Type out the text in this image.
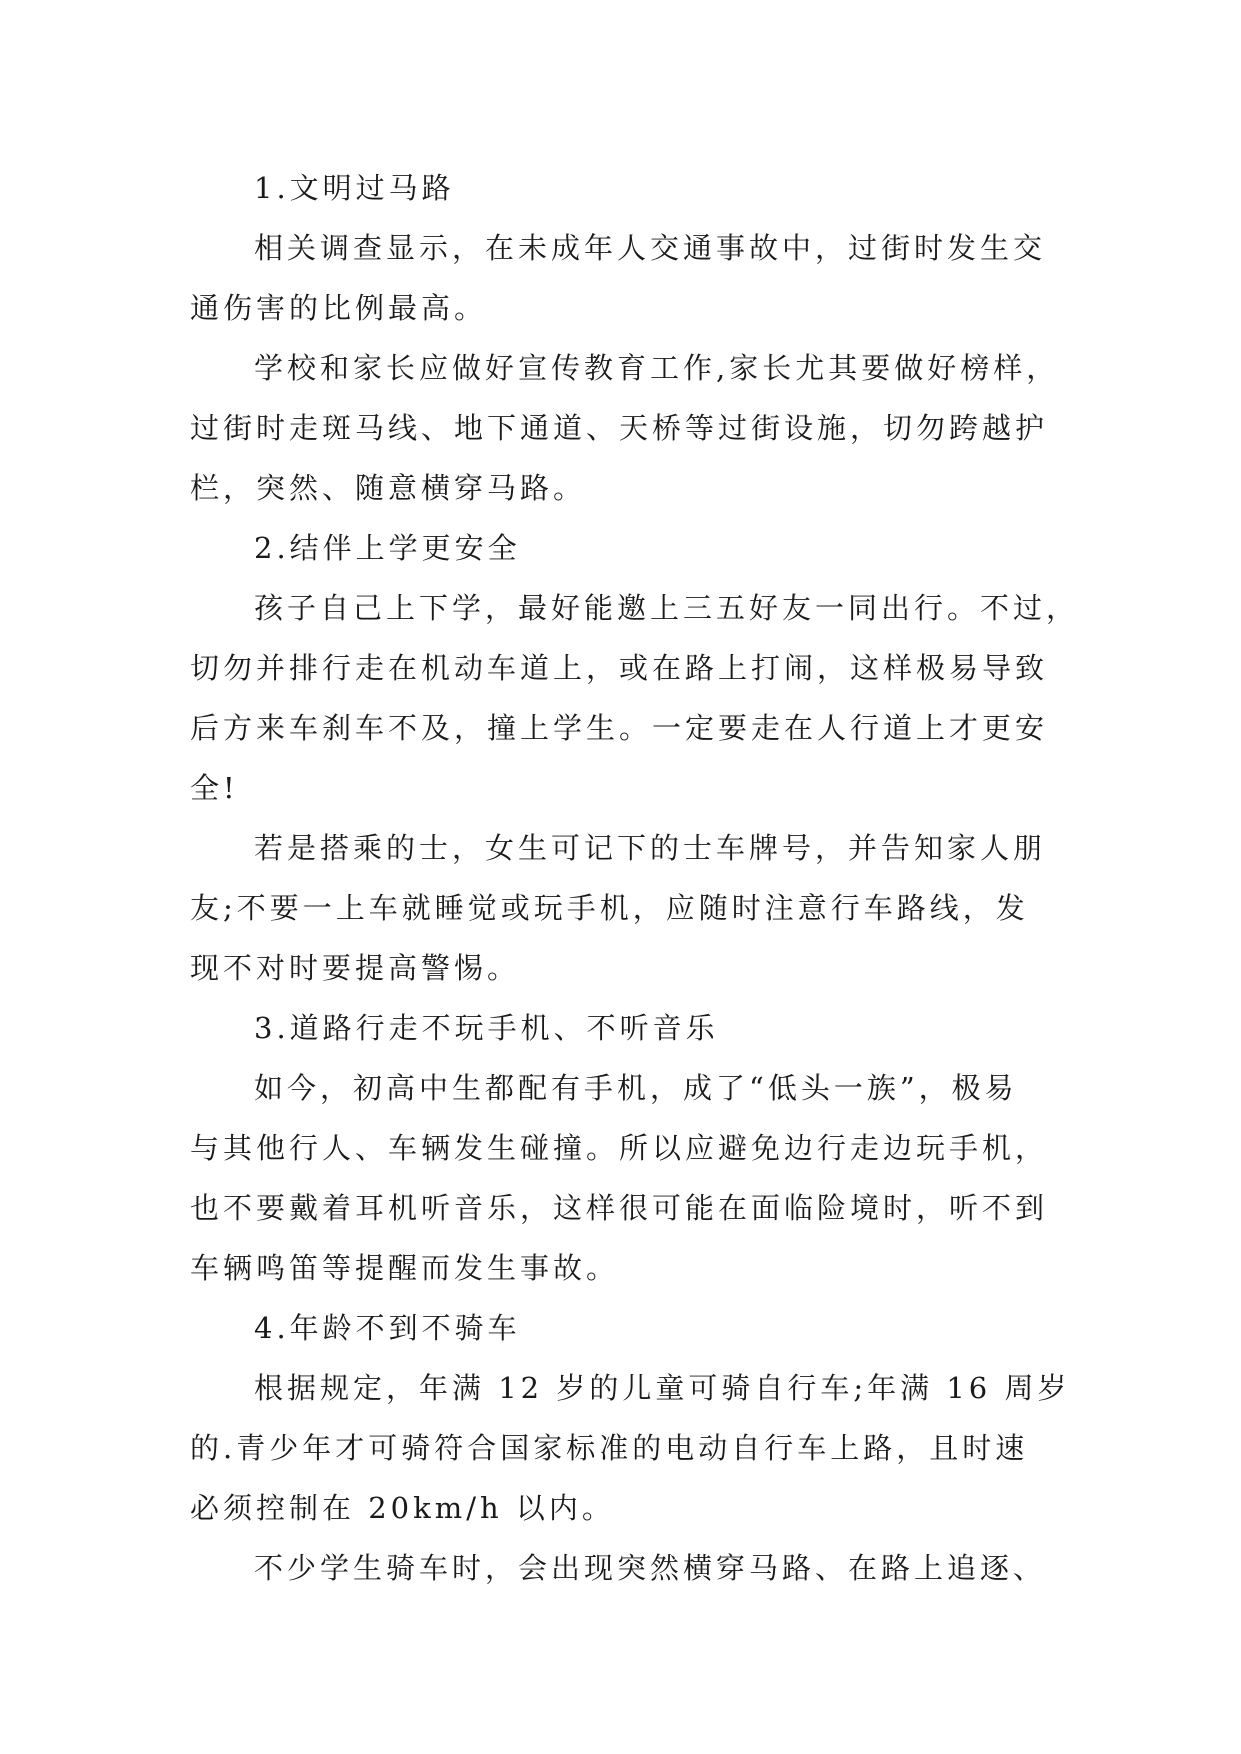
1.文明过马路
相关调查显示，在未成年人交通事故中，过街时发生交
通伤害的比例最高。
学校和家长应做好宣传教育工作,家长尤其要做好榜样，
过街时走斑马线、地下通道、天桥等过街设施，切勿跨越护
栏，突然、随意横穿马路。
2.结伴上学更安全
孩子自己上下学，最好能邀上三五好友一同出行。不过，
切勿并排行走在机动车道上，或在路上打闹，这样极易导致
后方来车刹车不及，撞上学生。一定要走在人行道上才更安
全!
若是搭乘的士，女生可记下的士车牌号，并告知家人朋
友;不要一上车就睡觉或玩手机，应随时注意行车路线，发
现不对时要提高警惕。
3.道路行走不玩手机、不听音乐
如今，初高中生都配有手机，成了“低头一族”，极易
与其他行人、车辆发生碰撞。所以应避免边行走边玩手机，
也不要戴着耳机听音乐，这样很可能在面临险境时，听不到
车辆鸣笛等提醒而发生事故。
4.年龄不到不骑车
根据规定，年满 12 岁的儿童可骑自行车;年满 16 周岁
的.青少年才可骑符合国家标准的电动自行车上路，且时速
必须控制在 20km/h 以内。
不少学生骑车时，会出现突然横穿马路、在路上追逐、
